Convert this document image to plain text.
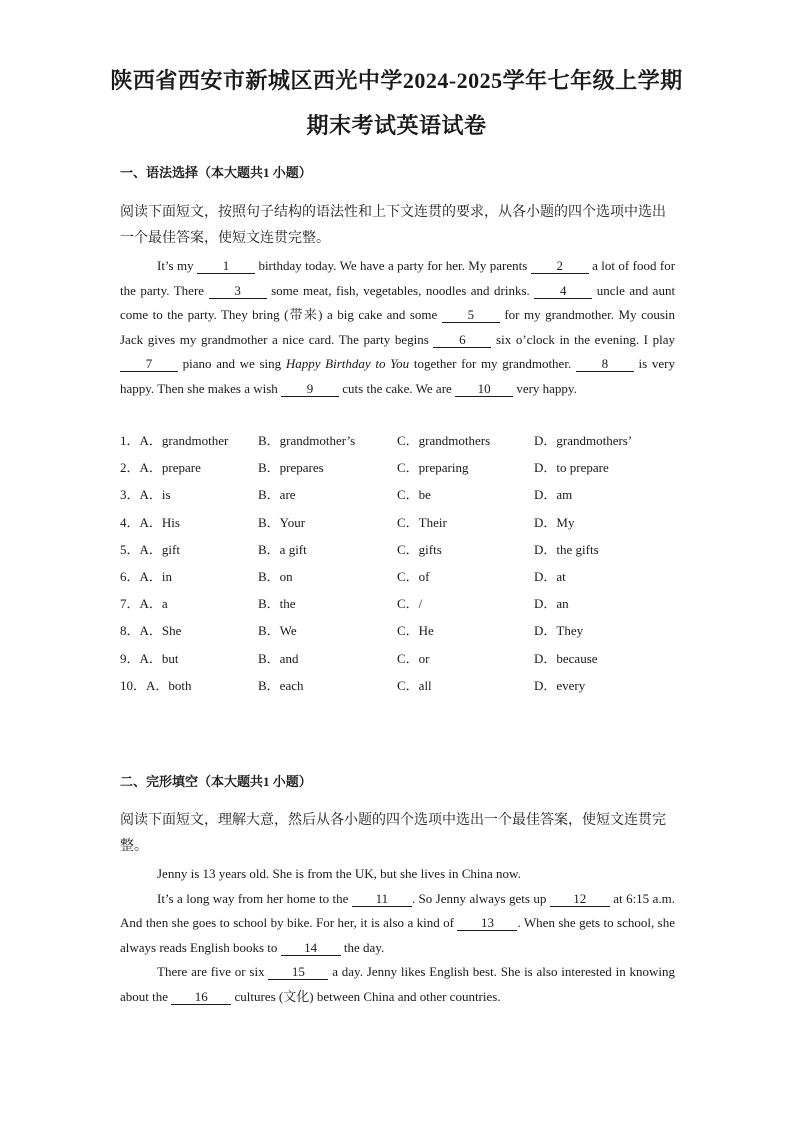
陕西省西安市新城区西光中学2024-2025学年七年级上学期
期末考试英语试卷
一、语法选择（本大题共1 小题）
阅读下面短文，按照句子结构的语法性和上下文连贯的要求，从各小题的四个选项中选出
一个最佳答案，使短文连贯完整。

It’s my 1 birthday today. We have a party for her. My parents 2 a lot of food for the party. There 3 some meat, fish, vegetables, noodles and drinks. 4 uncle and aunt come to the party. They bring (带来) a big cake and some 5 for my grandmother. My cousin Jack gives my grandmother a nice card. The party begins 6 six o’clock in the evening. I play 7 piano and we sing Happy Birthday to You together for my grandmother. 8 is very happy. Then she makes a wish 9 cuts the cake. We are 10 very happy.

1．A．grandmother B．grandmother’s	C．grandmothers	D．grandmothers’
2．A．prepare	B．prepares	C．preparing	D．to prepare
3．A．is	B．are	C．be	D．am
4．A．His	B．Your	C．Their	D．My
5．A．gift	B．a gift	C．gifts	D．the gifts
6．A．in	B．on	C．of	D．at
7．A．a	B．the	C．/	D．an
8．A．She	B．We	C．He	D．They
9．A．but	B．and	C．or	D．because
10．A．both	B．each	C．all	D．every
二、完形填空（本大题共1 小题）
阅读下面短文，理解大意，然后从各小题的四个选项中选出一个最佳答案，使短文连贯完
整。

Jenny is 13 years old. She is from the UK, but she lives in China now.

It’s a long way from her home to the 11 . So Jenny always gets up 12 at 6:15 a.m. And then she goes to school by bike. For her, it is also a kind of 13 . When she gets to school, she always reads English books to 14 the day.

There are five or six 15 a day. Jenny likes English best. She is also interested in knowing about the 16 cultures (文化) between China and other countries.
